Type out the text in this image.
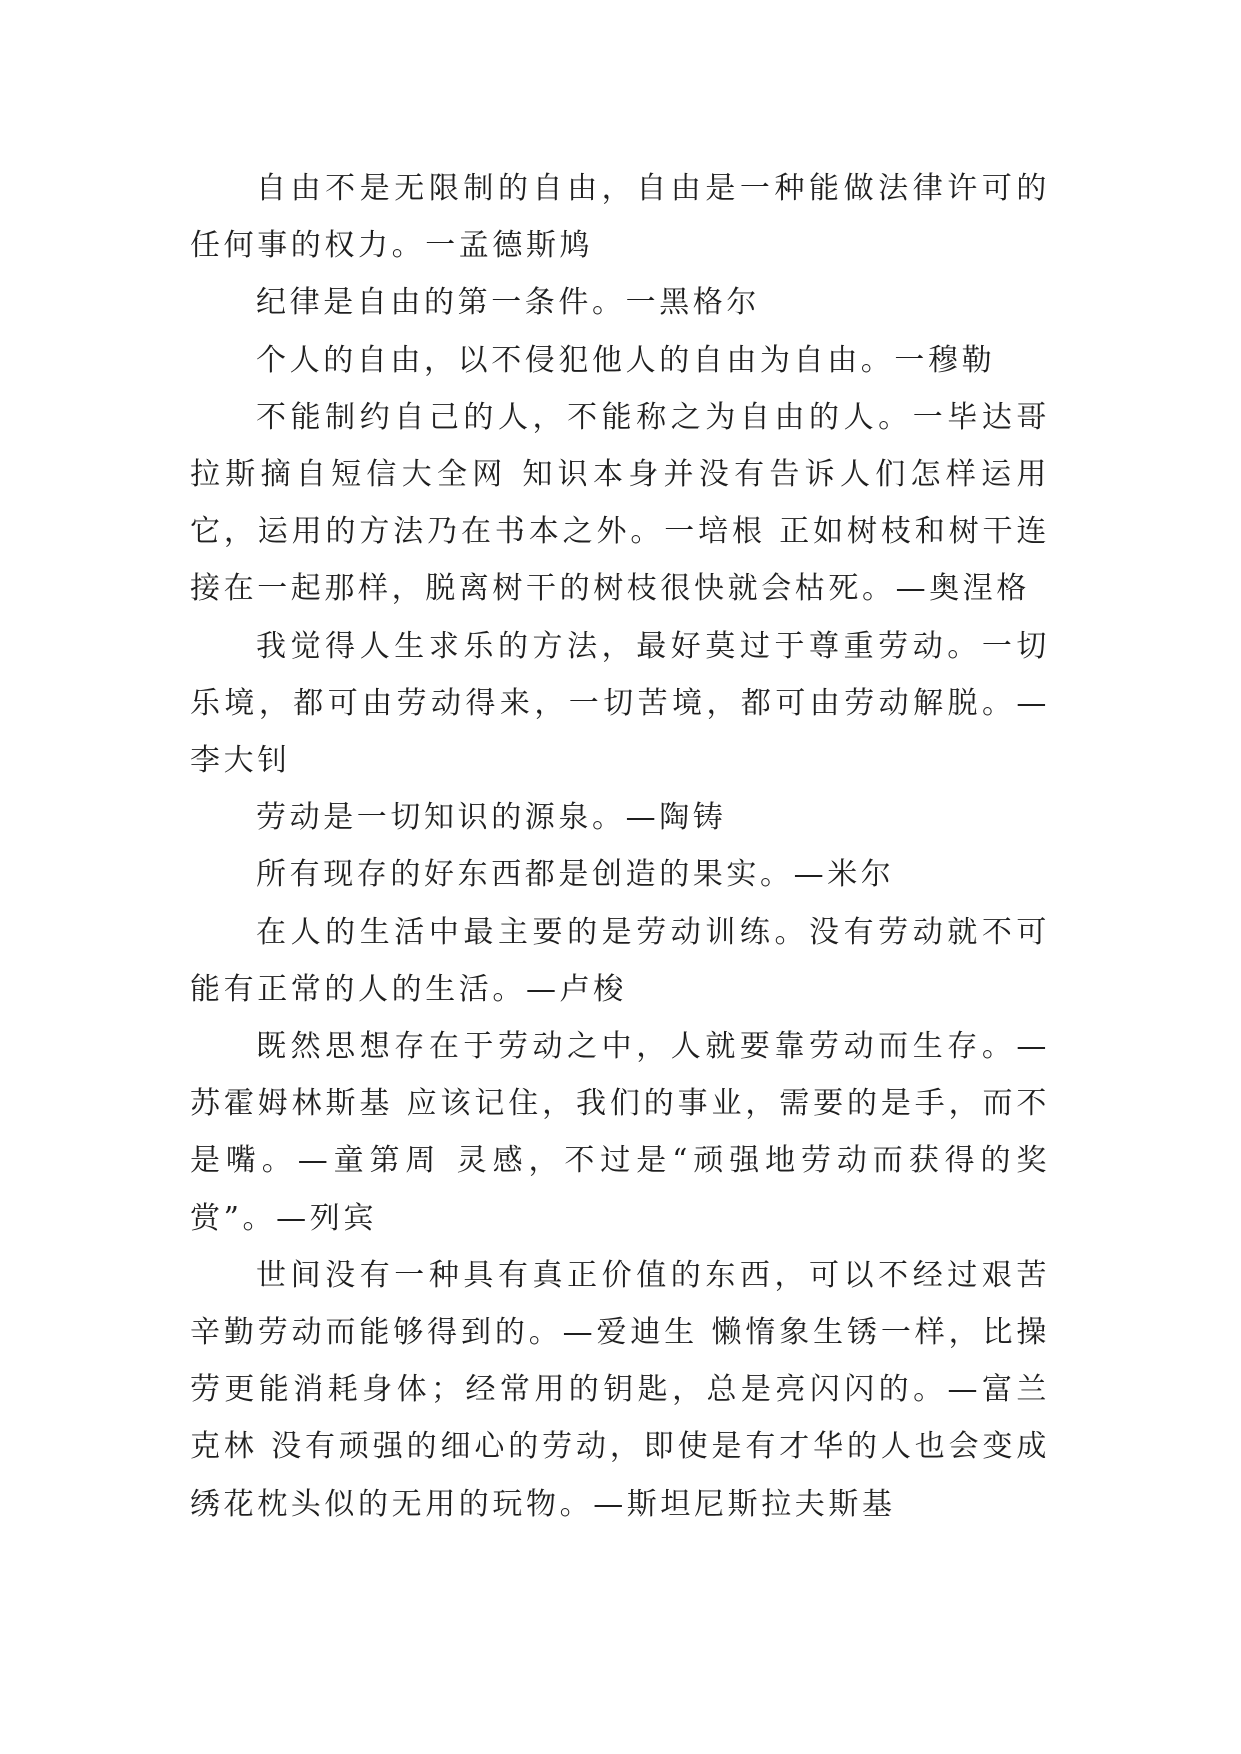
自由不是无限制的自由，自由是一种能做法律许可的任何事的权力。一孟德斯鸠

纪律是自由的第一条件。一黑格尔

个人的自由，以不侵犯他人的自由为自由。一穆勒

不能制约自己的人，不能称之为自由的人。一毕达哥拉斯摘自短信大全网 知识本身并没有告诉人们怎样运用它，运用的方法乃在书本之外。一培根 正如树枝和树干连接在一起那样，脱离树干的树枝很快就会枯死。—奥涅格

我觉得人生求乐的方法，最好莫过于尊重劳动。一切乐境，都可由劳动得来，一切苦境，都可由劳动解脱。—李大钊

劳动是一切知识的源泉。—陶铸

所有现存的好东西都是创造的果实。—米尔

在人的生活中最主要的是劳动训练。没有劳动就不可能有正常的人的生活。—卢梭

既然思想存在于劳动之中，人就要靠劳动而生存。—苏霍姆林斯基 应该记住，我们的事业，需要的是手，而不是嘴。—童第周 灵感，不过是“顽强地劳动而获得的奖赏”。—列宾

世间没有一种具有真正价值的东西，可以不经过艰苦辛勤劳动而能够得到的。—爱迪生 懒惰象生锈一样，比操劳更能消耗身体；经常用的钥匙，总是亮闪闪的。—富兰克林 没有顽强的细心的劳动，即使是有才华的人也会变成绣花枕头似的无用的玩物。—斯坦尼斯拉夫斯基
